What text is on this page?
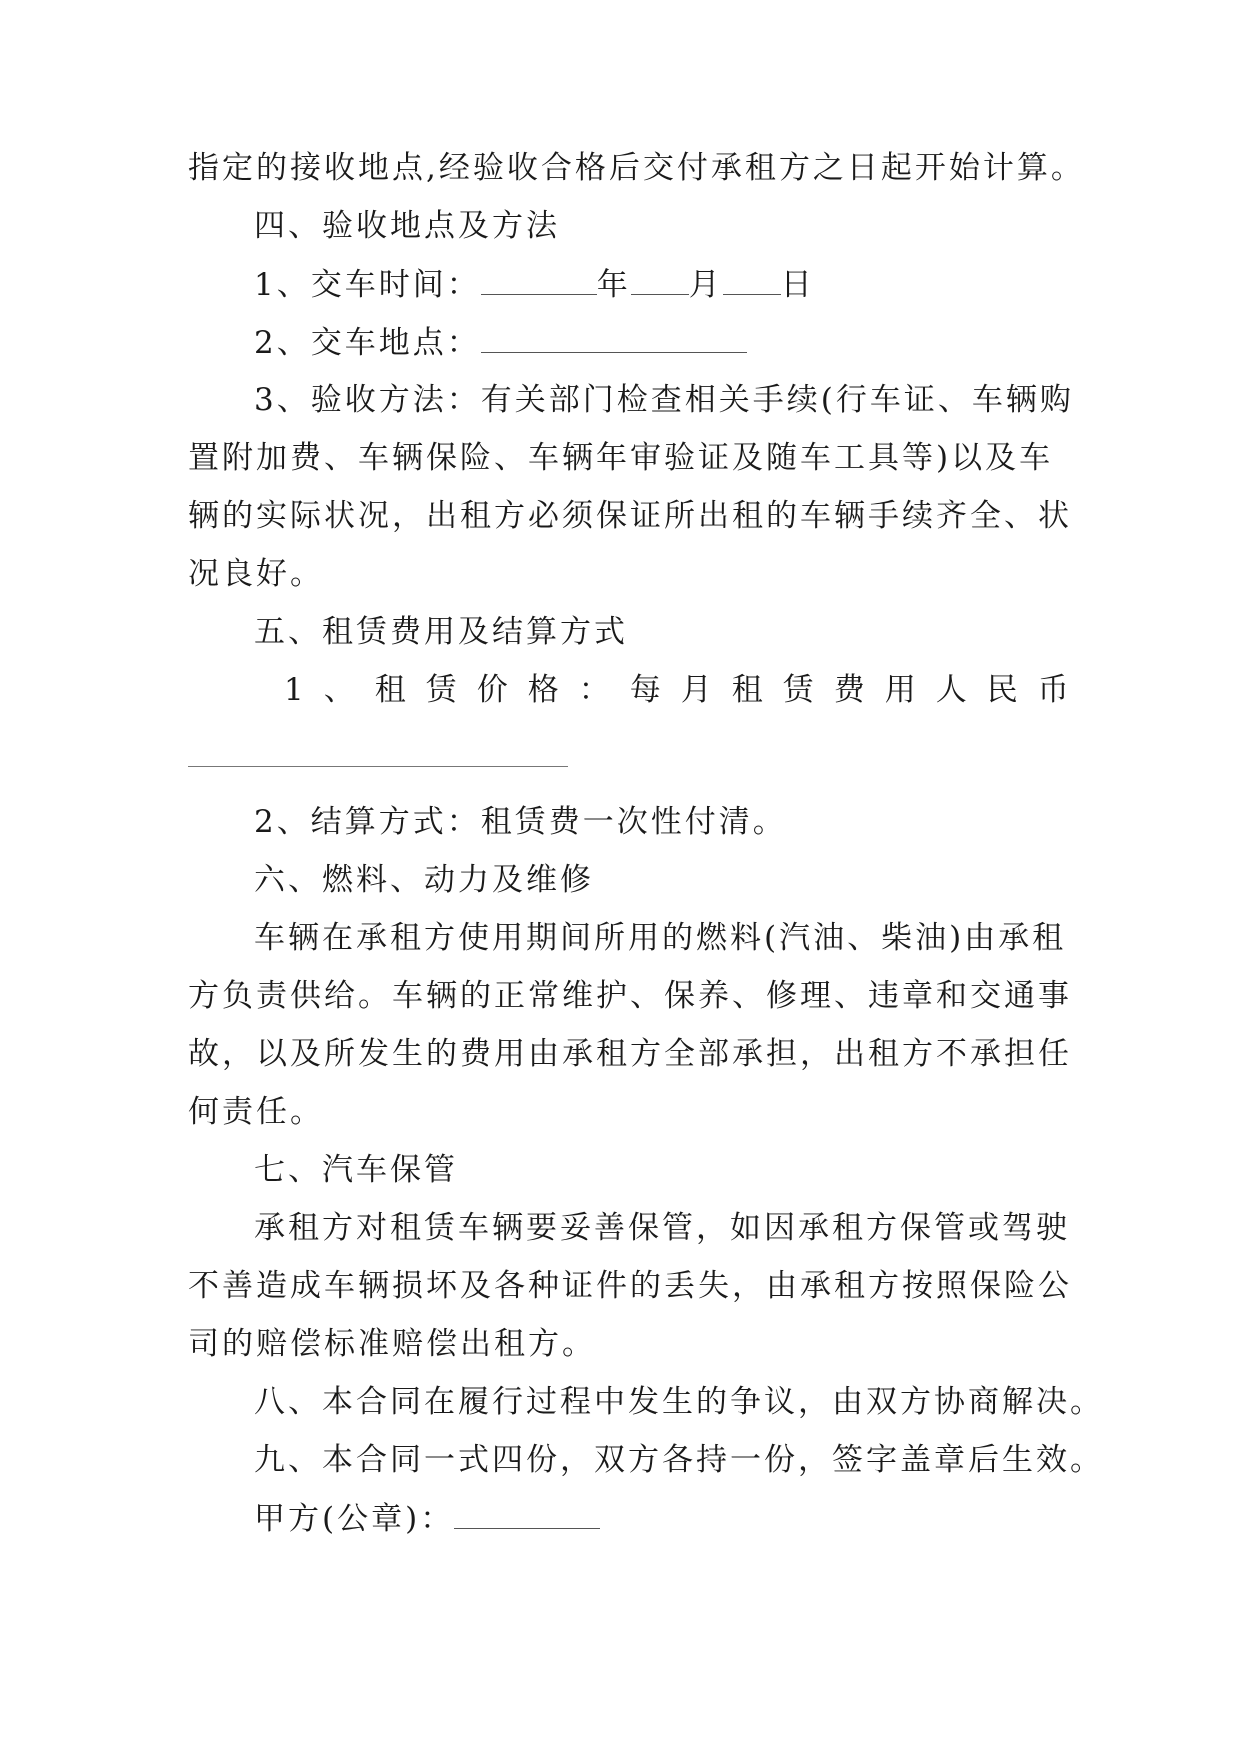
指定的接收地点,经验收合格后交付承租方之日起开始计算。
四、验收地点及方法
1、交车时间：	年 月 日
2、交车地点：
3、验收方法：有关部门检查相关手续(行车证、车辆购
置附加费、车辆保险、车辆年审验证及随车工具等)以及车
辆的实际状况，出租方必须保证所出租的车辆手续齐全、状
况良好。
五、租赁费用及结算方式
1、租赁价格：每月租赁费用人民币
2、结算方式：租赁费一次性付清。
六、燃料、动力及维修
车辆在承租方使用期间所用的燃料(汽油、柴油)由承租
方负责供给。车辆的正常维护、保养、修理、违章和交通事
故，以及所发生的费用由承租方全部承担，出租方不承担任
何责任。
七、汽车保管
承租方对租赁车辆要妥善保管，如因承租方保管或驾驶
不善造成车辆损坏及各种证件的丢失，由承租方按照保险公
司的赔偿标准赔偿出租方。
八、本合同在履行过程中发生的争议，由双方协商解决。
九、本合同一式四份，双方各持一份，签字盖章后生效。
甲方(公章)：
